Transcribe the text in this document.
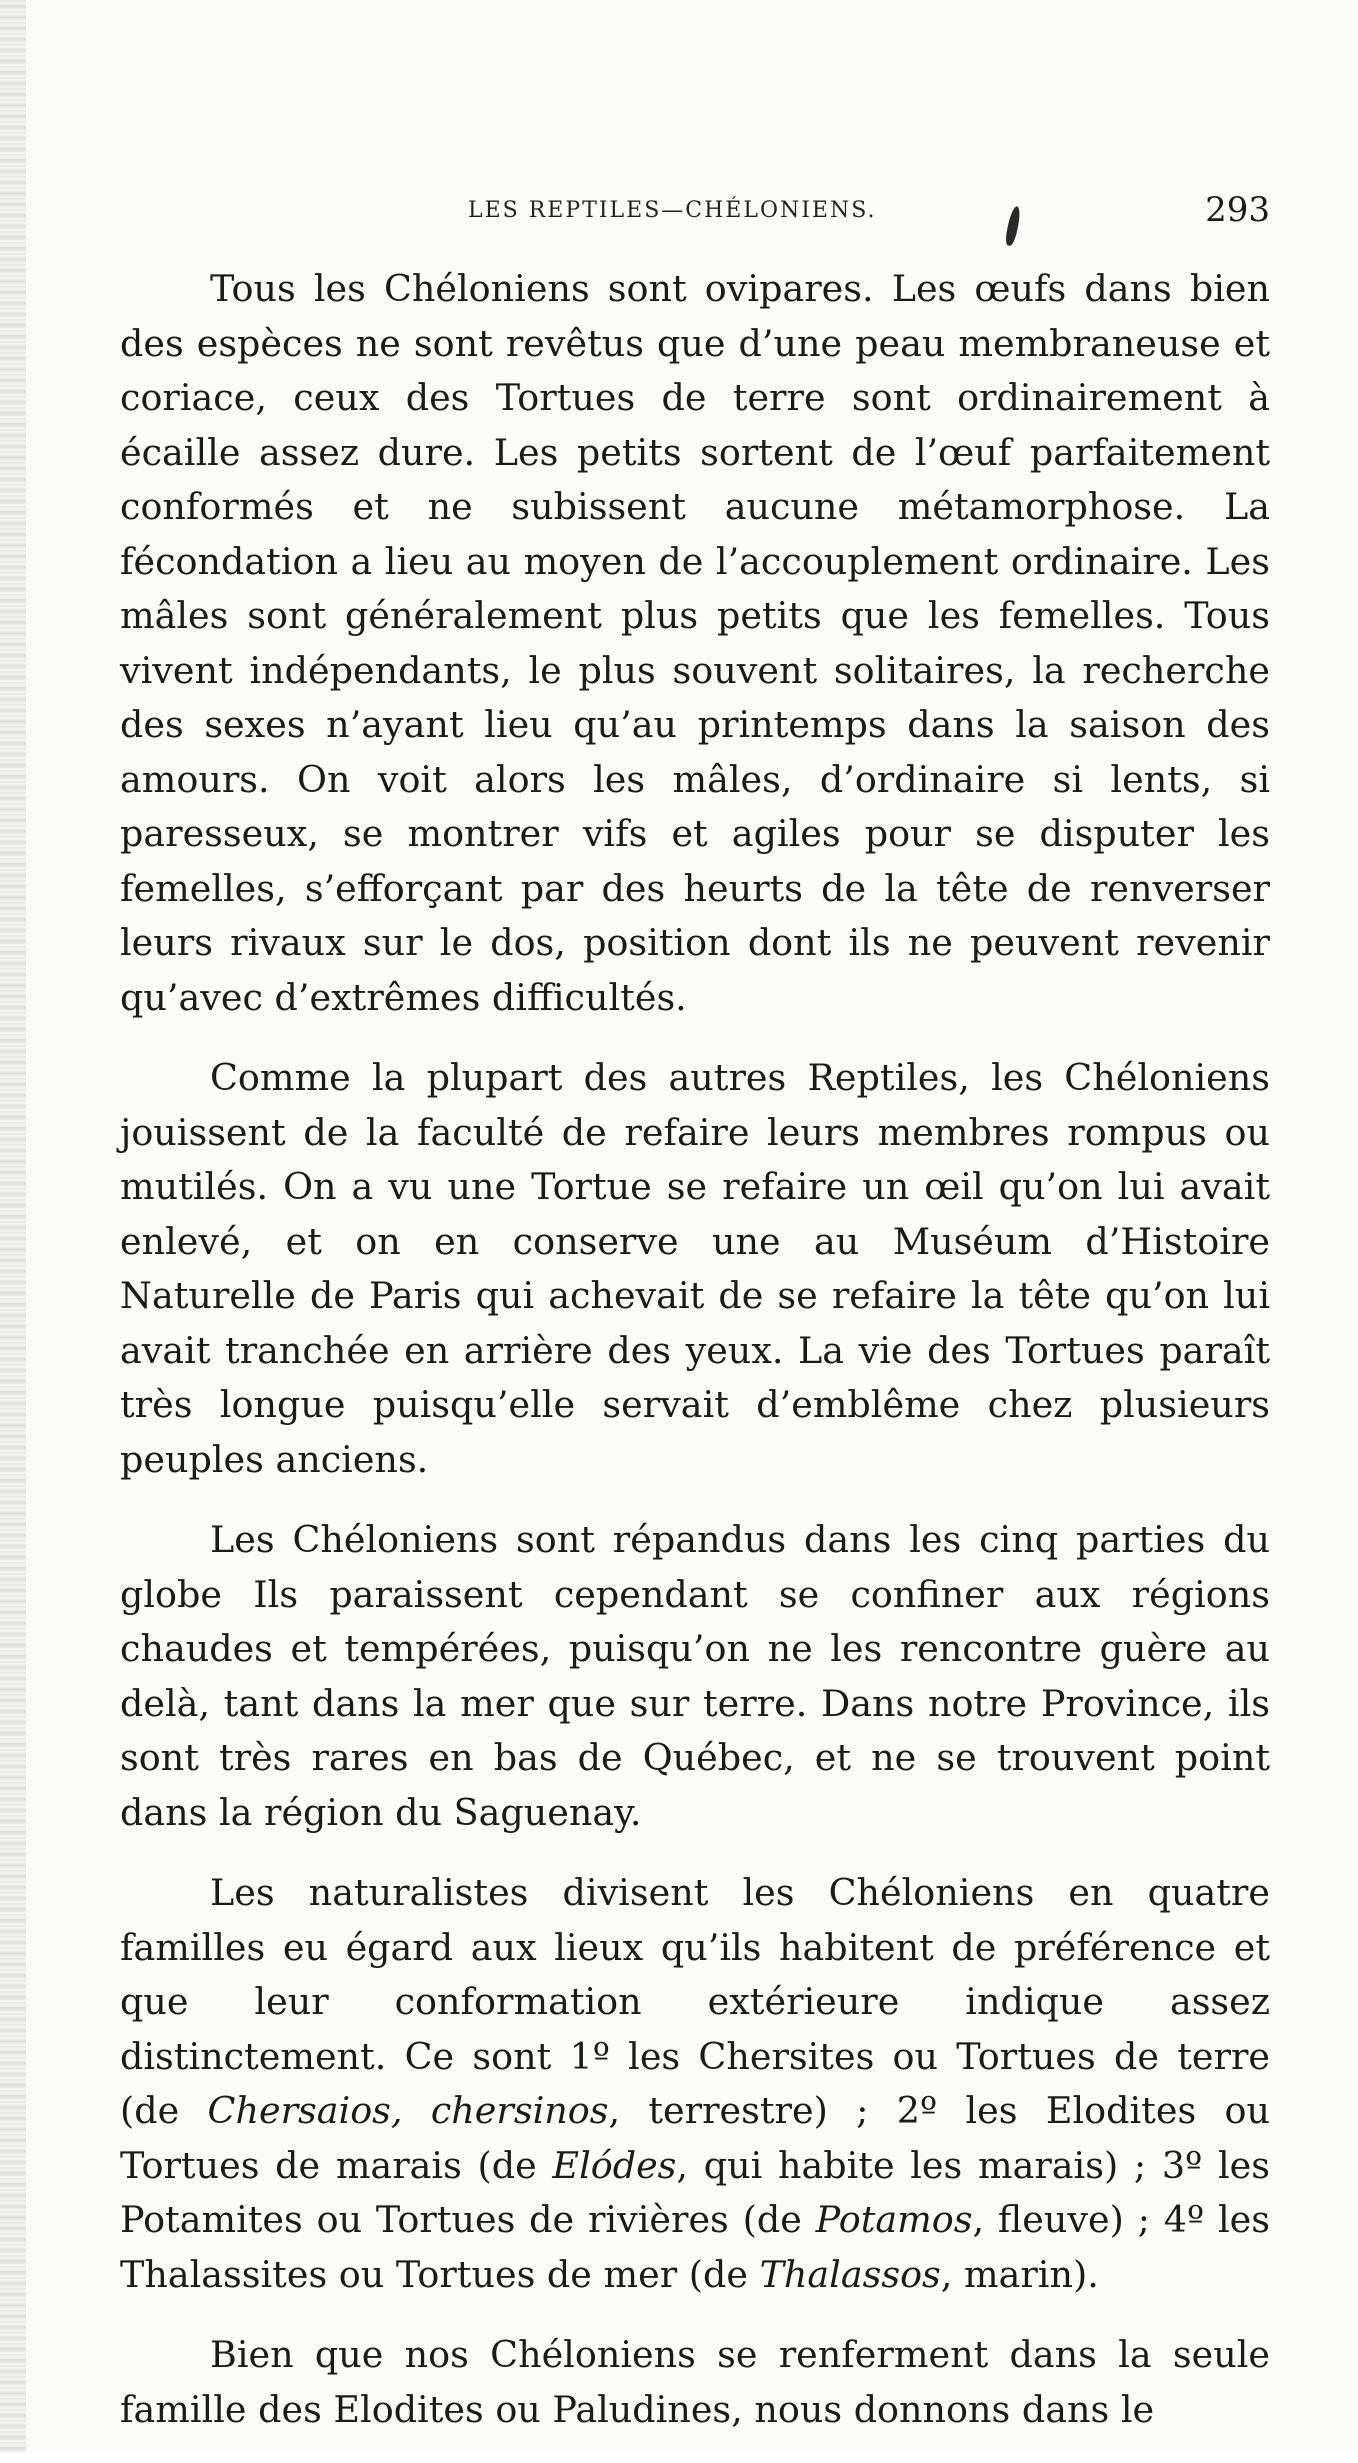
LES REPTILES—CHÉLONIENS.	293

Tous les Chéloniens sont ovipares. Les œufs dans bien des espèces ne sont revêtus que d’une peau membraneuse et coriace, ceux des Tortues de terre sont ordinairement à écaille assez dure. Les petits sortent de l’œuf parfaitement conformés et ne subissent aucune métamorphose. La fécondation a lieu au moyen de l’accouplement ordinaire. Les mâles sont généralement plus petits que les femelles. Tous vivent indépendants, le plus souvent solitaires, la recherche des sexes n’ayant lieu qu’au printemps dans la saison des amours. On voit alors les mâles, d’ordinaire si lents, si paresseux, se montrer vifs et agiles pour se disputer les femelles, s’efforçant par des heurts de la tête de renverser leurs rivaux sur le dos, position dont ils ne peuvent revenir qu’avec d’extrêmes difficultés.

Comme la plupart des autres Reptiles, les Chéloniens jouissent de la faculté de refaire leurs membres rompus ou mutilés. On a vu une Tortue se refaire un œil qu’on lui avait enlevé, et on en conserve une au Muséum d’Histoire Naturelle de Paris qui achevait de se refaire la tête qu’on lui avait tranchée en arrière des yeux. La vie des Tortues paraît très longue puisqu’elle servait d’emblême chez plusieurs peuples anciens.

Les Chéloniens sont répandus dans les cinq parties du globe Ils paraissent cependant se confiner aux régions chaudes et tempérées, puisqu’on ne les rencontre guère au delà, tant dans la mer que sur terre. Dans notre Province, ils sont très rares en bas de Québec, et ne se trouvent point dans la région du Saguenay.

Les naturalistes divisent les Chéloniens en quatre familles eu égard aux lieux qu’ils habitent de préférence et que leur conformation extérieure indique assez distinctement. Ce sont 1º les Chersites ou Tortues de terre (de Chersaios, chersinos, terrestre) ; 2º les Elodites ou Tortues de marais (de Elódes, qui habite les marais) ; 3º les Potamites ou Tortues de rivières (de Potamos, fleuve) ; 4º les Thalassites ou Tortues de mer (de Thalassos, marin).

Bien que nos Chéloniens se renferment dans la seule famille des Elodites ou Paludines, nous donnons dans le
